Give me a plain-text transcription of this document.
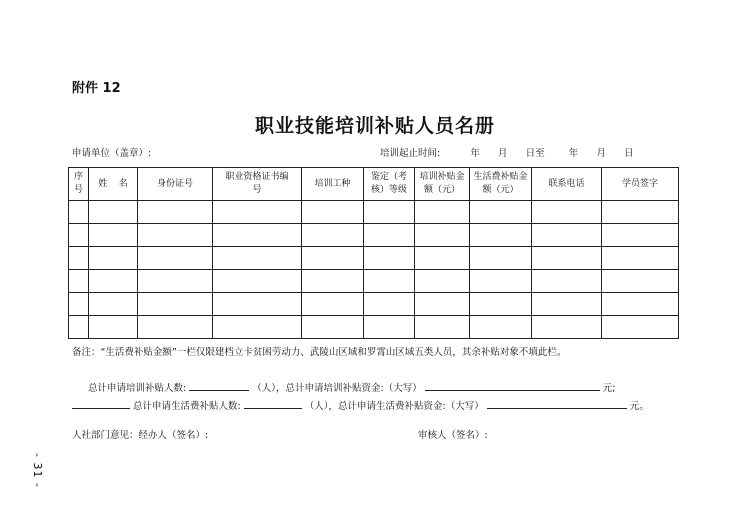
附件 12
职业技能培训补贴人员名册
申请单位（盖章）:	培训起止时间:          年      月      日至        年      月      日
序号	姓    名	身份证号	职业资格证书编号	培训工种	鉴定（考核）等级	培训补贴金额（元）	生活费补贴金额（元）	联系电话	学员签字

备注：“生活费补贴金额”一栏仅限建档立卡贫困劳动力、武陵山区域和罗霄山区域五类人员，其余补贴对象不填此栏。
总计申请培训补贴人数:	（人），总计申请培训补贴资金:（大写）	元;
总计申请生活费补贴人数:	（人），总计申请生活费补贴资金:（大写）	元。
人社部门意见：经办人（签名）:	审核人（签名）:
- 31 -
